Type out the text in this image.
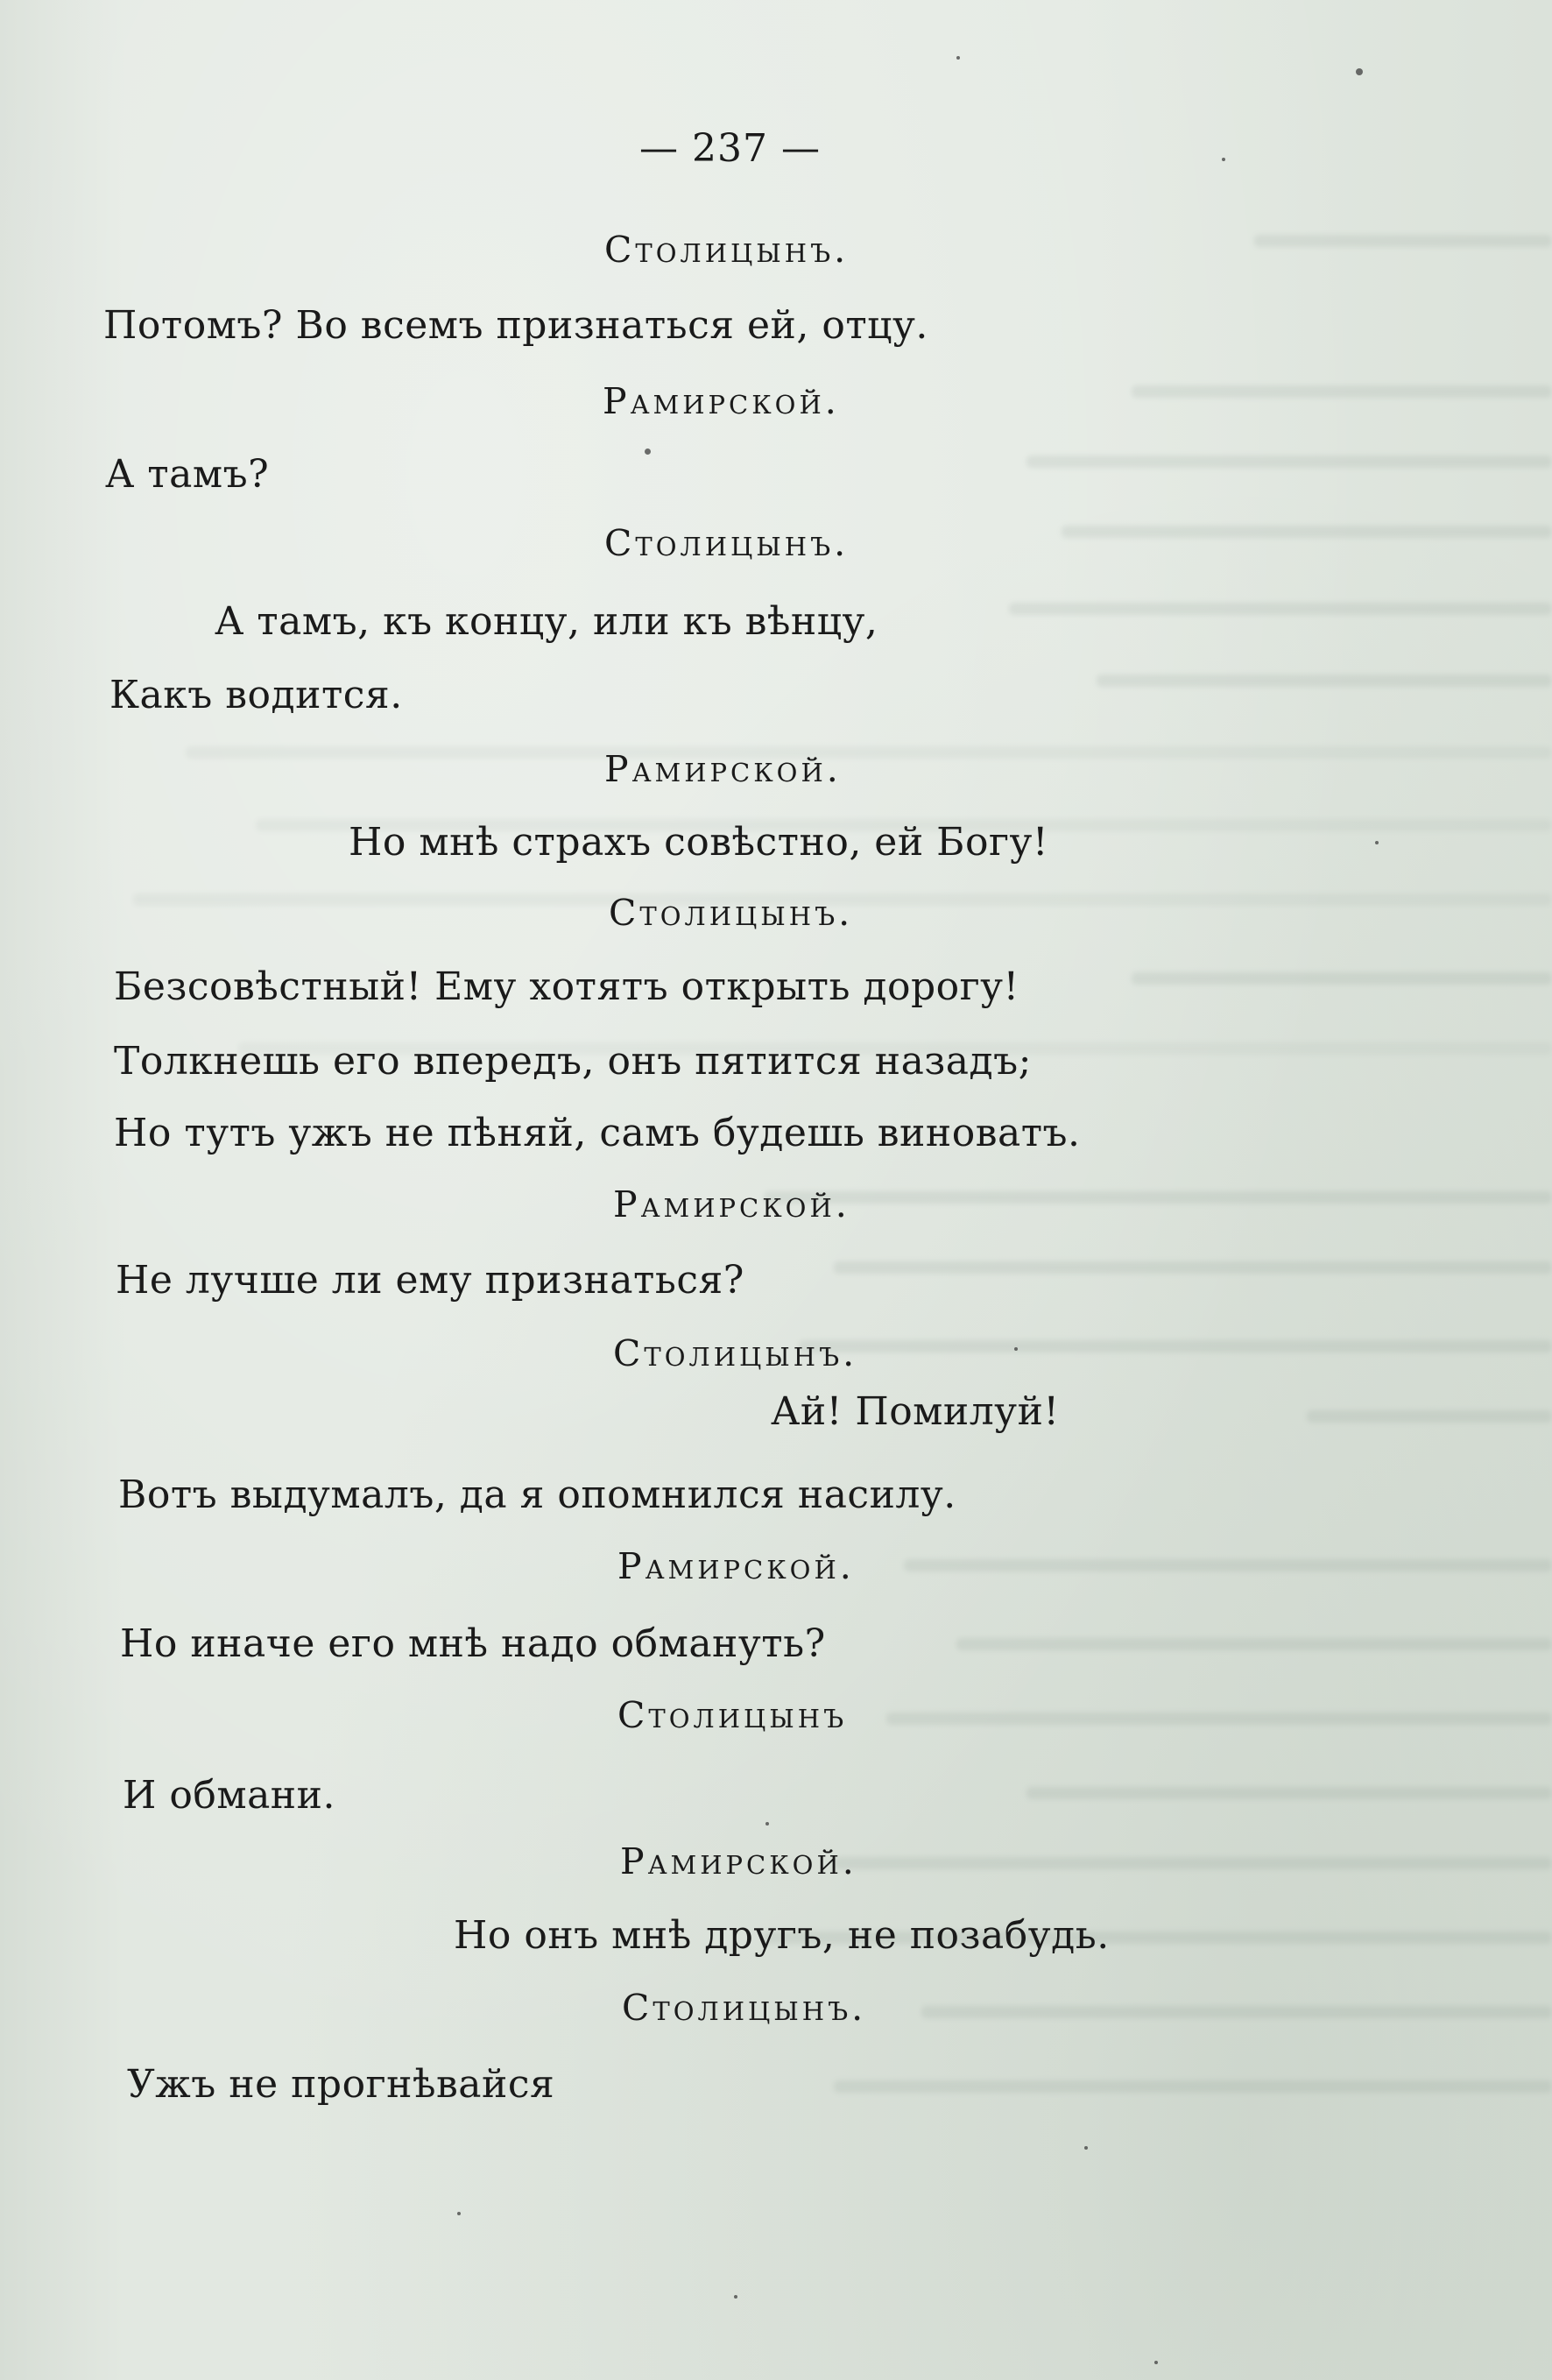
— 237 —
Столицынъ.
Потомъ? Во всемъ признаться ей, отцу.
Рамирской.
А тамъ?
Столицынъ.
А тамъ, къ концу, или къ вѣнцу,
Какъ водится.
Рамирской.
Но мнѣ страхъ совѣстно, ей Богу!
Столицынъ.
Безсовѣстный! Ему хотятъ открыть дорогу!
Толкнешь его впередъ, онъ пятится назадъ;
Но тутъ ужъ не пѣняй, самъ будешь виноватъ.
Рамирской.
Не лучше ли ему признаться?
Столицынъ.
Ай! Помилуй!
Вотъ выдумалъ, да я опомнился насилу.
Рамирской.
Но иначе его мнѣ надо обмануть?
Столицынъ
И обмани.
Рамирской.
Но онъ мнѣ другъ, не позабудь.
Столицынъ.
Ужъ не прогнѣвайся
